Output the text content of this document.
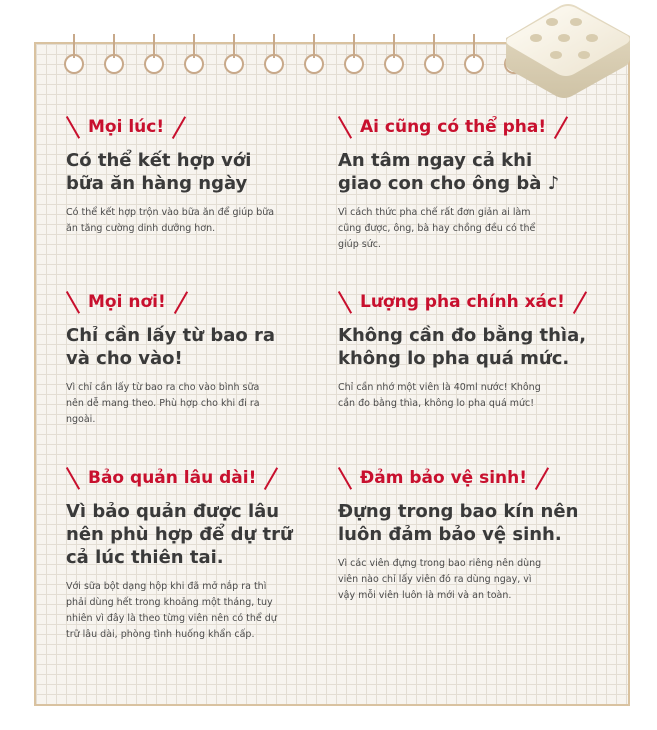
Mọi lúc!
Có thể kết hợp với
bữa ăn hàng ngày
Có thể kết hợp trộn vào bữa ăn để giúp bữa
ăn tăng cường dinh dưỡng hơn.
Ai cũng có thể pha!
An tâm ngay cả khi
giao con cho ông bà ♪
Vì cách thức pha chế rất đơn giản ai làm
cũng được, ông, bà hay chồng đều có thể
giúp sức.
Mọi nơi!
Chỉ cần lấy từ bao ra
và cho vào!
Vì chỉ cần lấy từ bao ra cho vào bình sữa
nên dễ mang theo. Phù hợp cho khi đi ra
ngoài.
Lượng pha chính xác!
Không cần đo bằng thìa,
không lo pha quá mức.
Chỉ cần nhớ một viên là 40ml nước! Không
cần đo bằng thìa, không lo pha quá mức!
Bảo quản lâu dài!
Vì bảo quản được lâu
nên phù hợp để dự trữ
cả lúc thiên tai.
Với sữa bột dạng hộp khi đã mở nắp ra thì
phải dùng hết trong khoảng một tháng, tuy
nhiên vì đây là theo từng viên nên có thể dự
trữ lâu dài, phòng tình huống khẩn cấp.
Đảm bảo vệ sinh!
Đựng trong bao kín nên
luôn đảm bảo vệ sinh.
Vì các viên đựng trong bao riêng nên dùng
viên nào chỉ lấy viên đó ra dùng ngay, vì
vậy mỗi viên luôn là mới và an toàn.
